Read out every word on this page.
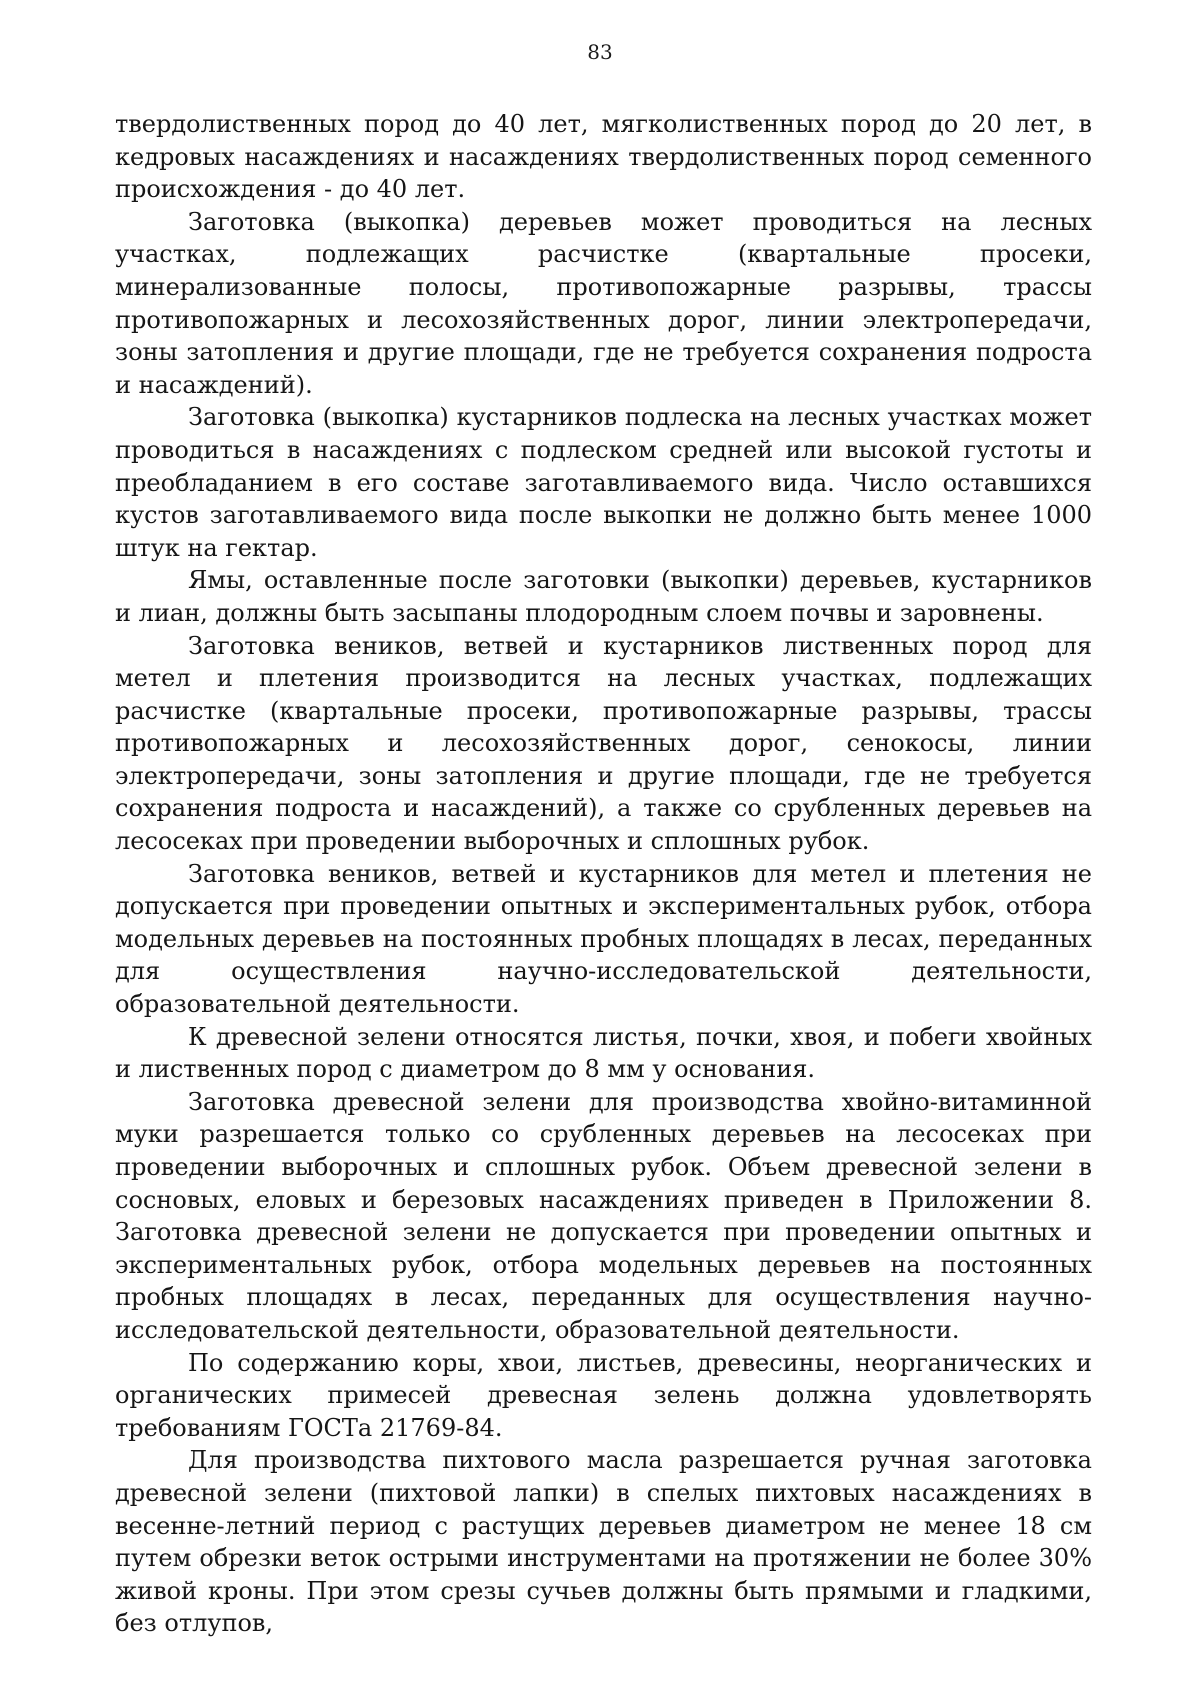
83

твердолиственных пород до 40 лет, мягколиственных пород до 20 лет, в кедровых насаждениях и насаждениях твердолиственных пород семенного происхождения - до 40 лет.

Заготовка (выкопка) деревьев может проводиться на лесных участках, подлежащих расчистке (квартальные просеки, минерализованные полосы, противопожарные разрывы, трассы противопожарных и лесохозяйственных дорог, линии электропередачи, зоны затопления и другие площади, где не требуется сохранения подроста и насаждений).

Заготовка (выкопка) кустарников подлеска на лесных участках может проводиться в насаждениях с подлеском средней или высокой густоты и преобладанием в его составе заготавливаемого вида. Число оставшихся кустов заготавливаемого вида после выкопки не должно быть менее 1000 штук на гектар.

Ямы, оставленные после заготовки (выкопки) деревьев, кустарников и лиан, должны быть засыпаны плодородным слоем почвы и заровнены.

Заготовка веников, ветвей и кустарников лиственных пород для метел и плетения производится на лесных участках, подлежащих расчистке (квартальные просеки, противопожарные разрывы, трассы противопожарных и лесохозяйственных дорог, сенокосы, линии электропередачи, зоны затопления и другие площади, где не требуется сохранения подроста и насаждений), а также со срубленных деревьев на лесосеках при проведении выборочных и сплошных рубок.

Заготовка веников, ветвей и кустарников для метел и плетения не допускается при проведении опытных и экспериментальных рубок, отбора модельных деревьев на постоянных пробных площадях в лесах, переданных для осуществления научно-исследовательской деятельности, образовательной деятельности.

К древесной зелени относятся листья, почки, хвоя, и побеги хвойных и лиственных пород с диаметром до 8 мм у основания.

Заготовка древесной зелени для производства хвойно-витаминной муки разрешается только со срубленных деревьев на лесосеках при проведении выборочных и сплошных рубок. Объем древесной зелени в сосновых, еловых и березовых насаждениях приведен в Приложении 8. Заготовка древесной зелени не допускается при проведении опытных и экспериментальных рубок, отбора модельных деревьев на постоянных пробных площадях в лесах, переданных для осуществления научно-исследовательской деятельности, образовательной деятельности.

По содержанию коры, хвои, листьев, древесины, неорганических и органических примесей древесная зелень должна удовлетворять требованиям ГОСТа 21769-84.

Для производства пихтового масла разрешается ручная заготовка древесной зелени (пихтовой лапки) в спелых пихтовых насаждениях в весенне-летний период с растущих деревьев диаметром не менее 18 см путем обрезки веток острыми инструментами на протяжении не более 30% живой кроны. При этом срезы сучьев должны быть прямыми и гладкими, без отлупов,
